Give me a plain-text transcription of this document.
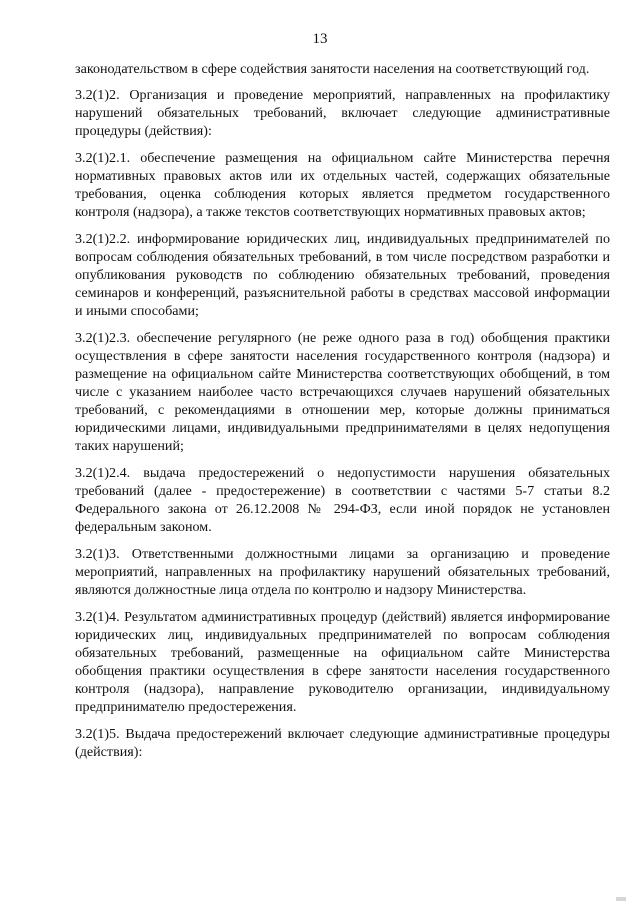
13

законодательством в сфере содействия занятости населения на соответствующий год.

3.2(1)2. Организация и проведение мероприятий, направленных на профилактику нарушений обязательных требований, включает следующие административные процедуры (действия):

3.2(1)2.1. обеспечение размещения на официальном сайте Министерства перечня нормативных правовых актов или их отдельных частей, содержащих обязательные требования, оценка соблюдения которых является предметом государственного контроля (надзора), а также текстов соответствующих нормативных правовых актов;

3.2(1)2.2. информирование юридических лиц, индивидуальных предпринимателей по вопросам соблюдения обязательных требований, в том числе посредством разработки и опубликования руководств по соблюдению обязательных требований, проведения семинаров и конференций, разъяснительной работы в средствах массовой информации и иными способами;

3.2(1)2.3. обеспечение регулярного (не реже одного раза в год) обобщения практики осуществления в сфере занятости населения государственного контроля (надзора) и размещение на официальном сайте Министерства соответствующих обобщений, в том числе с указанием наиболее часто встречающихся случаев нарушений обязательных требований, с рекомендациями в отношении мер, которые должны приниматься юридическими лицами, индивидуальными предпринимателями в целях недопущения таких нарушений;

3.2(1)2.4. выдача предостережений о недопустимости нарушения обязательных требований (далее - предостережение) в соответствии с частями 5-7 статьи 8.2 Федерального закона от 26.12.2008 № 294-ФЗ, если иной порядок не установлен федеральным законом.

3.2(1)3. Ответственными должностными лицами за организацию и проведение мероприятий, направленных на профилактику нарушений обязательных требований, являются должностные лица отдела по контролю и надзору Министерства.

3.2(1)4. Результатом административных процедур (действий) является информирование юридических лиц, индивидуальных предпринимателей по вопросам соблюдения обязательных требований, размещенные на официальном сайте Министерства обобщения практики осуществления в сфере занятости населения государственного контроля (надзора), направление руководителю организации, индивидуальному предпринимателю предостережения.

3.2(1)5. Выдача предостережений включает следующие административные процедуры (действия):
